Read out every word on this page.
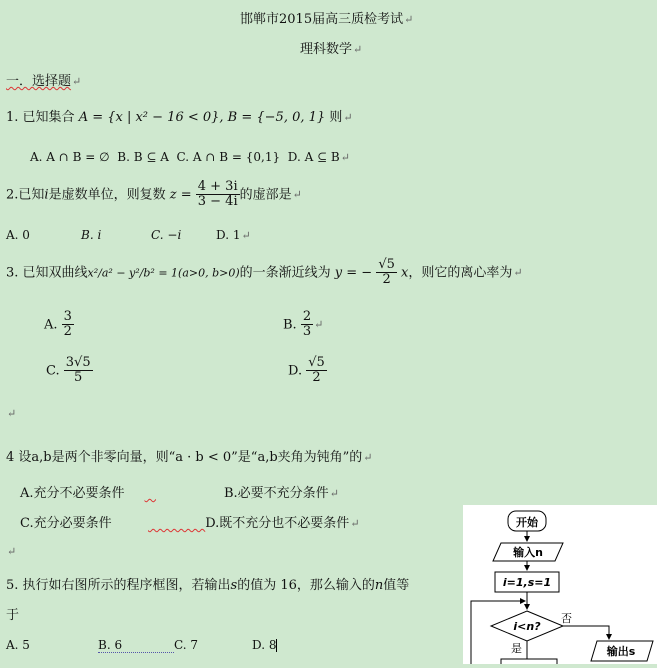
邯郸市2015届高三质检考试↵
理科数学↵
一．选择题↵
1. 已知集合 A = {x | x² − 16 < 0}, B = {−5, 0, 1} 则↵
A. A ∩ B = ∅ B. B ⊆ A C. A ∩ B = {0,1} D. A ⊆ B↵
2.已知i是虚数单位，则复数 $z = \frac{4 + 3i}{3 - 4i}$ 的虚部是↵
A. 0	B. i	C. −i	D. 1↵
3. 已知双曲线x²/a² − y²/b² = 1(a>0, b>0)的一条渐近线为 y = − $\frac{√5}{2}$ x，则它的离心率为↵
A. $\frac{3}{2}$	B. $\frac{2}{3}$ ↵
C. $\frac{3√5}{5}$	D. $\frac{√5}{2}$
↵
4 设a,b是两个非零向量，则“a · b < 0”是“a,b夹角为钝角”的↵
A.充分不必要条件	B.必要不充分条件↵
C.充分必要条件	D.既不充分也不必要条件↵
↵
5. 执行如右图所示的程序框图，若输出s的值为 16，那么输入的n值等
于
A. 5	B. 6	C. 7	D. 8
开始
输入n
i=1,s=1
i<n?
否
输出s
是
